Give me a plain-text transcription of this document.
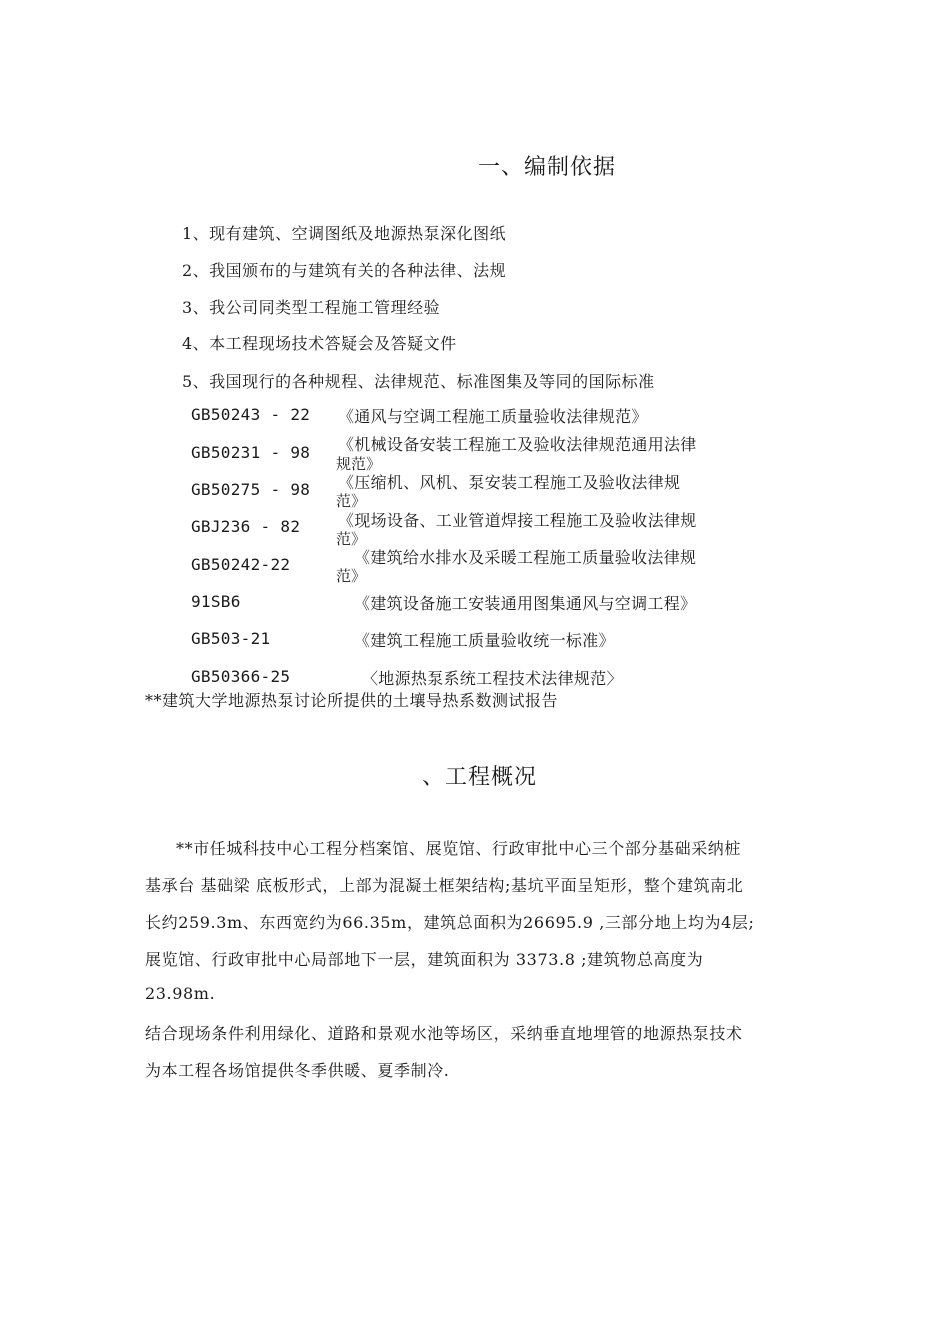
一、编制依据
1、现有建筑、空调图纸及地源热泵深化图纸
2、我国颁布的与建筑有关的各种法律、法规
3、我公司同类型工程施工管理经验
4、本工程现场技术答疑会及答疑文件
5、我国现行的各种规程、法律规范、标准图集及等同的国际标准
GB50243 - 22 《通风与空调工程施工质量验收法律规范》
GB50231 - 98 《机械设备安装工程施工及验收法律规范通用法律
规范》
GB50275 - 98 《压缩机、风机、泵安装工程施工及验收法律规
范》
GBJ236 - 82 《现场设备、工业管道焊接工程施工及验收法律规
范》
GB50242-22	《建筑给水排水及采暖工程施工质量验收法律规
范》
91SB6	《建筑设备施工安装通用图集通风与空调工程》
GB503-21	《建筑工程施工质量验收统一标准》
GB50366-25	〈地源热泵系统工程技术法律规范〉
**建筑大学地源热泵讨论所提供的土壤导热系数测试报告
、工程概况
**市任城科技中心工程分档案馆、展览馆、行政审批中心三个部分基础采纳桩
基承台 基础梁 底板形式，上部为混凝土框架结构;基坑平面呈矩形，整个建筑南北
长约259.3m、东西宽约为66.35m，建筑总面积为26695.9 ,三部分地上均为4层;
展览馆、行政审批中心局部地下一层，建筑面积为 3373.8 ;建筑物总高度为
23.98m.
结合现场条件利用绿化、道路和景观水池等场区，采纳垂直地埋管的地源热泵技术
为本工程各场馆提供冬季供暖、夏季制冷.
